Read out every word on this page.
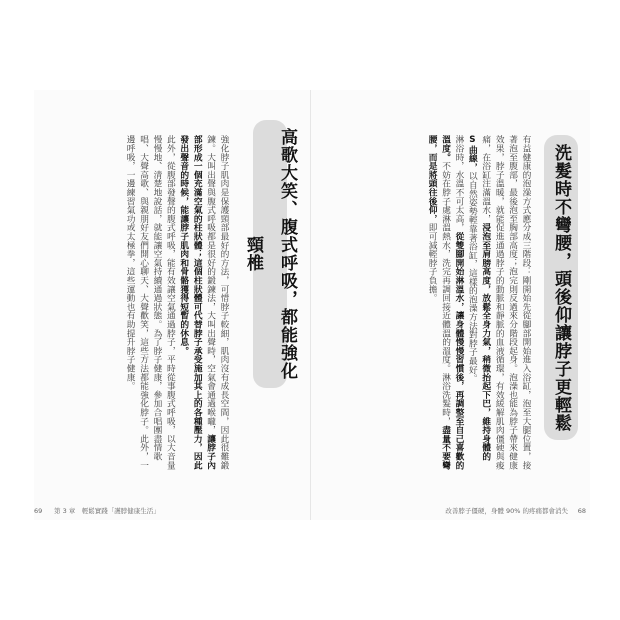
高歌大笑、腹式呼吸，都能強化頸椎

強化脖子肌肉是保護頸部最好的方法，可惜脖子較細，肌肉沒有成長空間，因此很難鍛鍊。大叫出聲與腹式呼吸都是很好的鍛鍊法，大叫出聲時，空氣會通過喉嚨，讓脖子內部形成一個充滿空氣的柱狀體；這個柱狀體可代替脖子承受施加其上的各種壓力，因此發出聲音的時候，能讓脖子肌肉和骨骼獲得短暫的休息。

此外，從腹部發聲的腹式呼吸，能有效讓空氣通過脖子，平時從事腹式呼吸，以大音量慢慢地、清楚地說話，就能讓空氣持續通過狀態。為了脖子健康，參加合唱團盡情歌唱、大聲高歌、與親朋好友們開心聊天、大聲歡笑，這些方法都能強化脖子。此外，一邊呼吸，一邊練習氣功或太極拳，這些運動也有助提升脖子健康。

69 第 3 章　輕鬆實踐「護脖健康生活」
洗髮時不彎腰，頭後仰讓脖子更輕鬆

有益健康的泡澡方式應分成三階段：剛開始先從腳部開始進入浴缸，泡至大腿位置，接著泡至腹部，最後泡至胸部高度；泡完則反過來分階段起身。泡澡也能為脖子帶來健康效果，脖子溫暖，就能促進通過脖子的動脈和靜脈的血液循環，有效緩解肌肉僵硬與痠痛，在浴缸注滿溫水，浸泡至肩膀高度，放鬆全身力氣，稍微抬起下巴，維持身體的S曲線，以自然姿勢輕靠著浴缸，這樣的泡澡方法對脖子最好。

淋浴時，水溫不可太高，從雙腳開始淋溫水，讓身體慢慢習慣後，再調整至自己喜歡的溫度。不妨在脖子處淋溫熱水，洗完再調回接近體溫的溫度。淋浴洗髮時，盡量不要彎腰，而是將頭往後仰，即可減輕脖子負擔。

改善脖子僵硬，身體 90% 的疼痛都會消失 68
